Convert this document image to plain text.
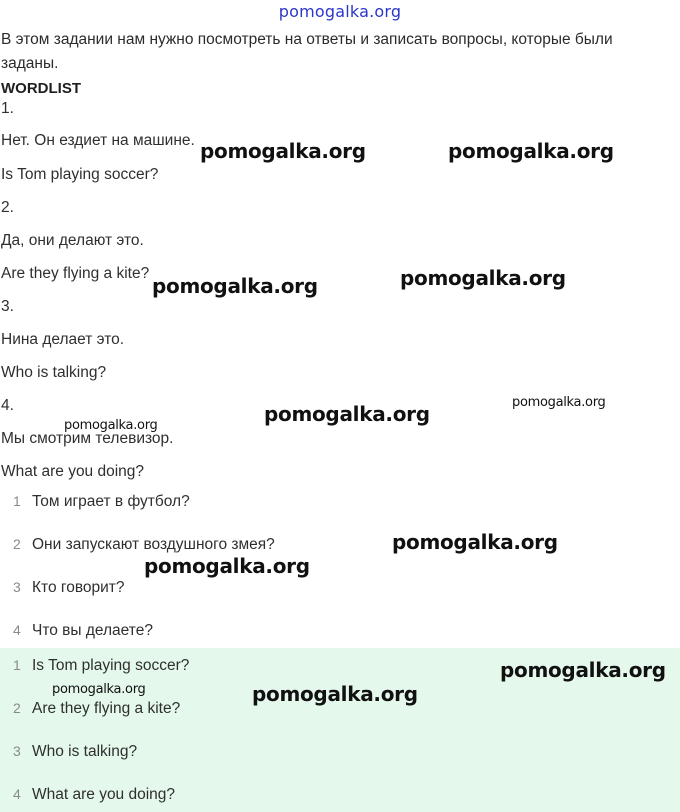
pomogalka.org
В этом задании нам нужно посмотреть на ответы и записать вопросы, которые были заданы.
WORDLIST
1.
Нет. Он ездиет на машине.
Is Tom playing soccer?
2.
Да, они делают это.
Are they flying a kite?
3.
Нина делает это.
Who is talking?
4.
Мы смотрим телевизор.
What are you doing?
1 Том играет в футбол?
2 Они запускают воздушного змея?
3 Кто говорит?
4 Что вы делаете?
1 Is Tom playing soccer?
2 Are they flying a kite?
3 Who is talking?
4 What are you doing?
pomogalka.org	pomogalka.org
pomogalka.org
pomogalka.org
pomogalka.org
pomogalka.org
pomogalka.org
pomogalka.org
pomogalka.org
pomogalka.org
pomogalka.org
pomogalka.org
